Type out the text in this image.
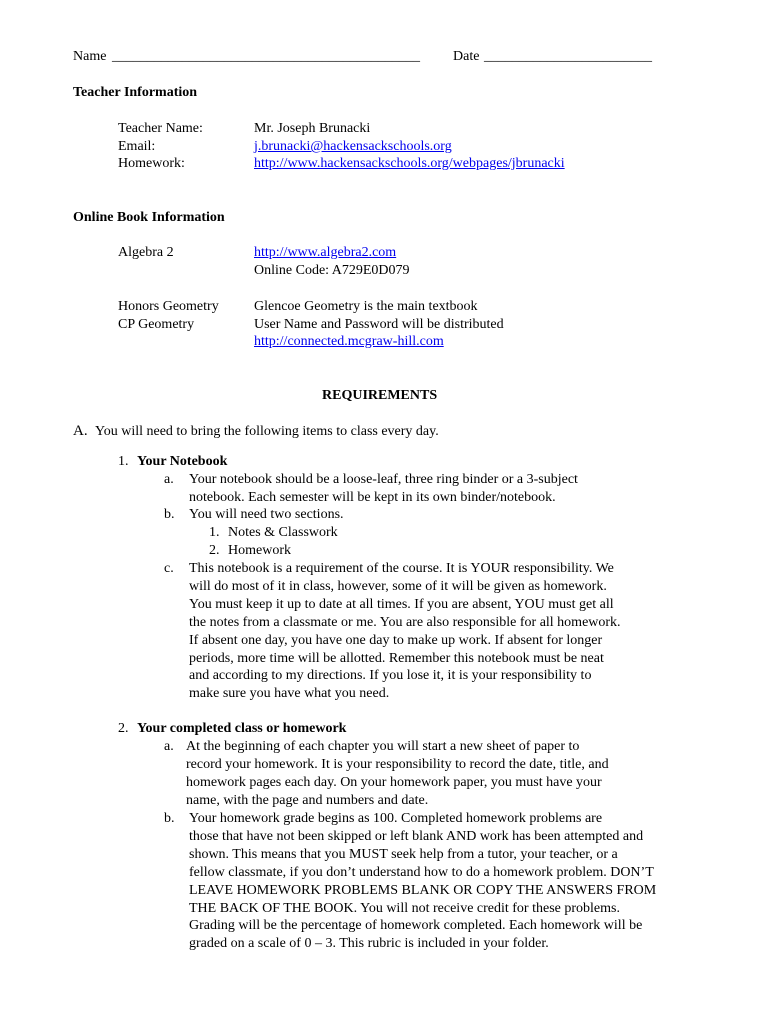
Name ____________________________________________ Date ________________________
Teacher Information
Teacher Name:	Mr. Joseph Brunacki
Email:	j.brunacki@hackensackschools.org
Homework:	http://www.hackensackschools.org/webpages/jbrunacki
Online Book Information
Algebra 2	http://www.algebra2.com
Online Code: A729E0D079
Honors Geometry	Glencoe Geometry is the main textbook
CP Geometry	User Name and Password will be distributed
http://connected.mcgraw-hill.com
REQUIREMENTS
A. You will need to bring the following items to class every day.
1. Your Notebook
a. Your notebook should be a loose-leaf, three ring binder or a 3-subject
notebook. Each semester will be kept in its own binder/notebook.
b. You will need two sections.
1. Notes & Classwork
2. Homework
c. This notebook is a requirement of the course. It is YOUR responsibility. We
will do most of it in class, however, some of it will be given as homework.
You must keep it up to date at all times. If you are absent, YOU must get all
the notes from a classmate or me. You are also responsible for all homework.
If absent one day, you have one day to make up work. If absent for longer
periods, more time will be allotted. Remember this notebook must be neat
and according to my directions. If you lose it, it is your responsibility to
make sure you have what you need.
2. Your completed class or homework
a. At the beginning of each chapter you will start a new sheet of paper to
record your homework. It is your responsibility to record the date, title, and
homework pages each day. On your homework paper, you must have your
name, with the page and numbers and date.
b. Your homework grade begins as 100. Completed homework problems are
those that have not been skipped or left blank AND work has been attempted and
shown. This means that you MUST seek help from a tutor, your teacher, or a
fellow classmate, if you don’t understand how to do a homework problem. DON’T
LEAVE HOMEWORK PROBLEMS BLANK OR COPY THE ANSWERS FROM
THE BACK OF THE BOOK. You will not receive credit for these problems.
Grading will be the percentage of homework completed. Each homework will be
graded on a scale of 0 – 3. This rubric is included in your folder.
